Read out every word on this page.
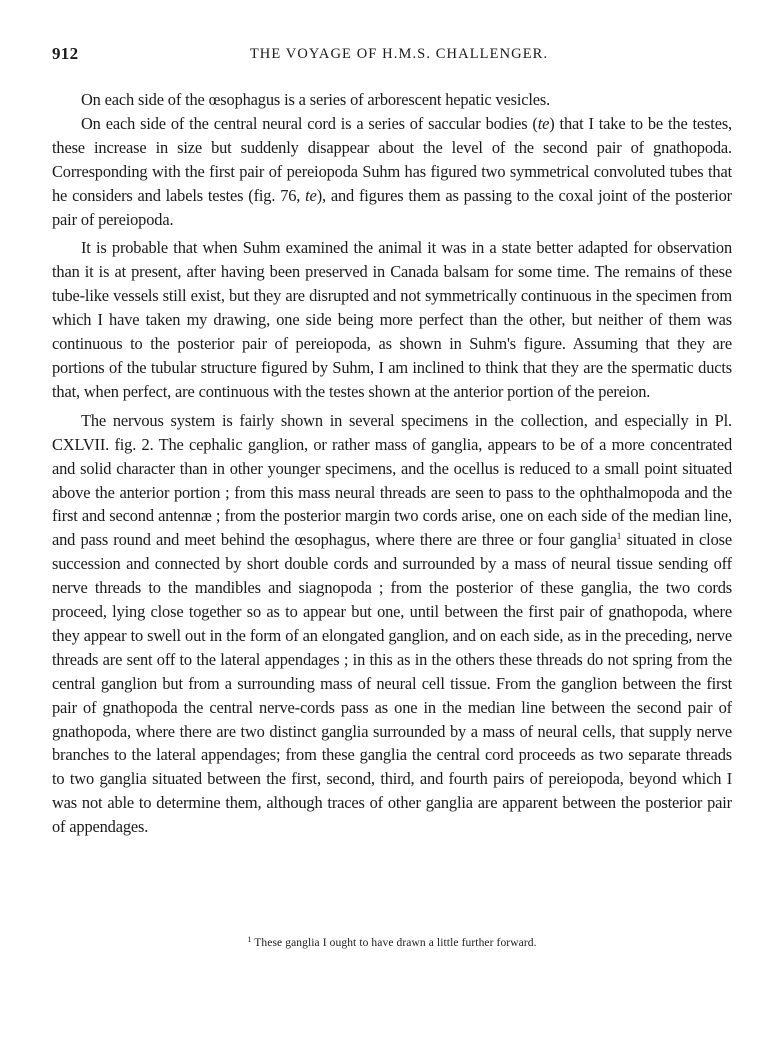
912	THE VOYAGE OF H.M.S. CHALLENGER.

On each side of the œsophagus is a series of arborescent hepatic vesicles.

On each side of the central neural cord is a series of saccular bodies (te) that I take to be the testes, these increase in size but suddenly disappear about the level of the second pair of gnathopoda. Corresponding with the first pair of pereiopoda Suhm has figured two symmetrical convoluted tubes that he considers and labels testes (fig. 76, te), and figures them as passing to the coxal joint of the posterior pair of pereiopoda.

It is probable that when Suhm examined the animal it was in a state better adapted for observation than it is at present, after having been preserved in Canada balsam for some time. The remains of these tube-like vessels still exist, but they are disrupted and not symmetrically continuous in the specimen from which I have taken my drawing, one side being more perfect than the other, but neither of them was continuous to the posterior pair of pereiopoda, as shown in Suhm's figure. Assuming that they are portions of the tubular structure figured by Suhm, I am inclined to think that they are the spermatic ducts that, when perfect, are continuous with the testes shown at the anterior portion of the pereion.

The nervous system is fairly shown in several specimens in the collection, and especially in Pl. CXLVII. fig. 2. The cephalic ganglion, or rather mass of ganglia, appears to be of a more concentrated and solid character than in other younger specimens, and the ocellus is reduced to a small point situated above the anterior portion ; from this mass neural threads are seen to pass to the ophthalmopoda and the first and second antennæ ; from the posterior margin two cords arise, one on each side of the median line, and pass round and meet behind the œsophagus, where there are three or four ganglia$^1$ situated in close succession and connected by short double cords and surrounded by a mass of neural tissue sending off nerve threads to the mandibles and siagnopoda ; from the posterior of these ganglia, the two cords proceed, lying close together so as to appear but one, until between the first pair of gnathopoda, where they appear to swell out in the form of an elongated ganglion, and on each side, as in the preceding, nerve threads are sent off to the lateral appendages ; in this as in the others these threads do not spring from the central ganglion but from a surrounding mass of neural cell tissue. From the ganglion between the first pair of gnathopoda the central nerve-cords pass as one in the median line between the second pair of gnathopoda, where there are two distinct ganglia surrounded by a mass of neural cells, that supply nerve branches to the lateral appendages; from these ganglia the central cord proceeds as two separate threads to two ganglia situated between the first, second, third, and fourth pairs of pereiopoda, beyond which I was not able to determine them, although traces of other ganglia are apparent between the posterior pair of appendages.

$^1$ These ganglia I ought to have drawn a little further forward.
